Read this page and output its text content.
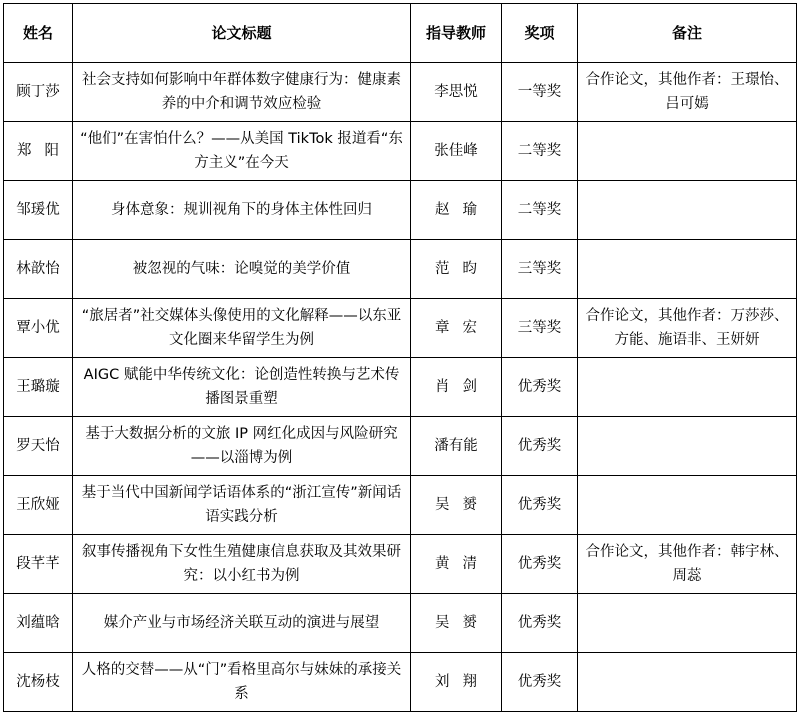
姓名	论文标题	指导教师	奖项	备注
顾丁莎	社会支持如何影响中年群体数字健康行为：健康素养的中介和调节效应检验	李思悦	一等奖	合作论文，其他作者：王璟怡、吕可嫣
郑阳	“他们”在害怕什么？——从美国 TikTok 报道看“东方主义”在今天	张佳峰	二等奖	
邹瑗优	身体意象：规训视角下的身体主体性回归	赵瑜	二等奖	
林歆怡	被忽视的气味：论嗅觉的美学价值	范昀	三等奖	
覃小优	“旅居者”社交媒体头像使用的文化解释——以东亚文化圈来华留学生为例	章宏	三等奖	合作论文，其他作者：万莎莎、方能、施语非、王妍妍
王璐璇	AIGC 赋能中华传统文化：论创造性转换与艺术传播图景重塑	肖剑	优秀奖	
罗天怡	基于大数据分析的文旅 IP 网红化成因与风险研究——以淄博为例	潘有能	优秀奖	
王欣娅	基于当代中国新闻学话语体系的“浙江宣传”新闻话语实践分析	吴赟	优秀奖	
段芊芊	叙事传播视角下女性生殖健康信息获取及其效果研究：以小红书为例	黄清	优秀奖	合作论文，其他作者：韩宇林、周蕊
刘蕴晗	媒介产业与市场经济关联互动的演进与展望	吴赟	优秀奖	
沈杨枝	人格的交替——从“门”看格里高尔与妹妹的承接关系	刘翔	优秀奖	
